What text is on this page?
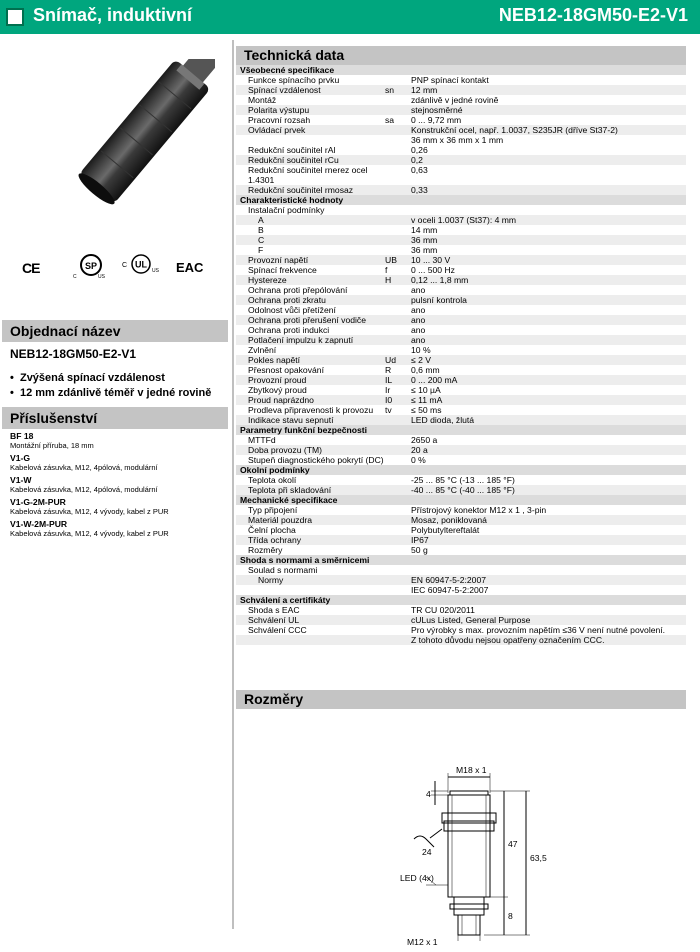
Snímač, induktivní	NEB12-18GM50-E2-V1
CE	SP
C	US
C UL
US EAC
Objednací název
NEB12-18GM50-E2-V1
•  Zvýšená spínací vzdálenost
•  12 mm zdánlivě téměř v jedné rovině
Příslušenství
BF 18
Montážní příruba, 18 mm
V1-G
Kabelová zásuvka, M12, 4pólová, modulární
V1-W
Kabelová zásuvka, M12, 4pólová, modulární
V1-G-2M-PUR
Kabelová zásuvka, M12, 4 vývody, kabel z PUR
V1-W-2M-PUR
Kabelová zásuvka, M12, 4 vývody, kabel z PUR
Technická data
Všeobecné specifikace		
Funkce spínacího prvku		PNP spínací kontakt
Spínací vzdálenost	sn	12 mm
Montáž		zdánlivě v jedné rovině
Polarita výstupu		stejnosměrné
Pracovní rozsah	sa	0 ... 9,72 mm
Ovládací prvek		Konstrukční ocel, např. 1.0037, S235JR (dříve St37-2)
		36 mm x 36 mm x 1 mm
Redukční součinitel rAl		0,26
Redukční součinitel rCu		0,2
Redukční součinitel rnerez ocel 1.4301		0,63
Redukční součinitel rmosaz		0,33
Charakteristické hodnoty		
Instalační podmínky		
A		v oceli 1.0037 (St37): 4 mm
B		14 mm
C		36 mm
F		36 mm
Provozní napětí	UB	10 ... 30 V
Spínací frekvence	f	0 ... 500 Hz
Hystereze	H	0,12 ... 1,8 mm
Ochrana proti přepólování		ano
Ochrana proti zkratu		pulsní kontrola
Odolnost vůči přetížení		ano
Ochrana proti přerušení vodiče		ano
Ochrana proti indukci		ano
Potlačení impulzu k zapnutí		ano
Zvlnění		10 %
Pokles napětí	Ud	≤ 2 V
Přesnost opakování	R	0,6 mm
Provozní proud	IL	0 ... 200 mA
Zbytkový proud	Ir	≤ 10 µA
Proud naprázdno	I0	≤ 11 mA
Prodleva připravenosti k provozu	tv	≤ 50 ms
Indikace stavu sepnutí		LED dioda, žlutá
Parametry funkční bezpečnosti		
MTTFd		2650 a
Doba provozu (TM)		20 a
Stupeň diagnostického pokrytí (DC)		0 %
Okolní podmínky		
Teplota okolí		-25 ... 85 °C (-13 ... 185 °F)
Teplota při skladování		-40 ... 85 °C (-40 ... 185 °F)
Mechanické specifikace		
Typ připojení		Přístrojový konektor M12 x 1 , 3-pin
Materiál pouzdra		Mosaz, poniklovaná
Čelní plocha		Polybutyltereftalát
Třída ochrany		IP67
Rozměry		50 g
Shoda s normami a směrnicemi		
Soulad s normami		
Normy		EN 60947-5-2:2007
		IEC 60947-5-2:2007
Schválení a certifikáty		
Shoda s EAC		TR CU 020/2011
Schválení UL		cULus Listed, General Purpose
Schválení CCC		Pro výrobky s max. provozním napětím ≤36 V není nutné povolení.
		Z tohoto důvodu nejsou opatřeny označením CCC.
Rozměry
M18 x 1
4
24
47
63,5
LED (4x)
8
M12 x 1
